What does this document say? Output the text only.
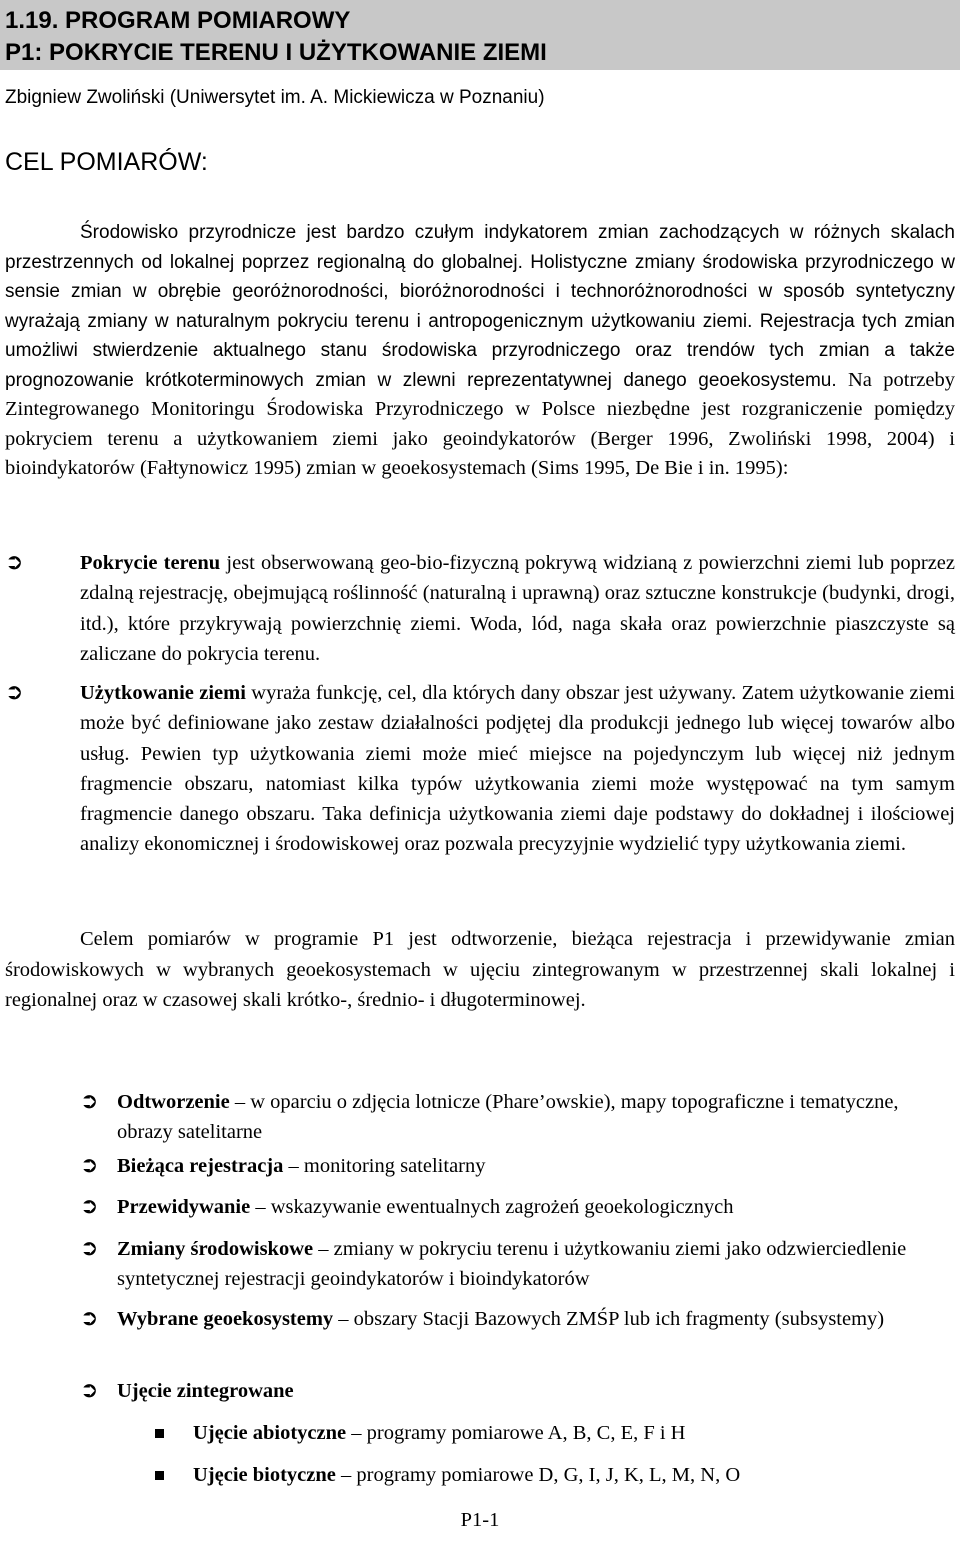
1.19. PROGRAM POMIAROWY
P1: POKRYCIE TERENU I UŻYTKOWANIE ZIEMI
Zbigniew Zwoliński (Uniwersytet im. A. Mickiewicza w Poznaniu)
CEL POMIARÓW:

Środowisko przyrodnicze jest bardzo czułym indykatorem zmian zachodzących w różnych skalach przestrzennych od lokalnej poprzez regionalną do globalnej. Holistyczne zmiany środowiska przyrodniczego w sensie zmian w obrębie georóżnorodności, bioróżnorodności i technoróżnorodności w sposób syntetyczny wyrażają zmiany w naturalnym pokryciu terenu i antropogenicznym użytkowaniu ziemi. Rejestracja tych zmian umożliwi stwierdzenie aktualnego stanu środowiska przyrodniczego oraz trendów tych zmian a także prognozowanie krótkoterminowych zmian w zlewni reprezentatywnej danego geoekosystemu. Na potrzeby Zintegrowanego Monitoringu Środowiska Przyrodniczego w Polsce niezbędne jest rozgraniczenie pomiędzy pokryciem terenu a użytkowaniem ziemi jako geoindykatorów (Berger 1996, Zwoliński 1998, 2004) i bioindykatorów (Fałtynowicz 1995) zmian w geoekosystemach (Sims 1995, De Bie i in. 1995):

➲	Pokrycie terenu jest obserwowaną geo-bio-fizyczną pokrywą widzianą z powierzchni ziemi lub poprzez zdalną rejestrację, obejmującą roślinność (naturalną i uprawną) oraz sztuczne konstrukcje (budynki, drogi, itd.), które przykrywają powierzchnię ziemi. Woda, lód, naga skała oraz powierzchnie piaszczyste są zaliczane do pokrycia terenu.

➲	Użytkowanie ziemi wyraża funkcję, cel, dla których dany obszar jest używany. Zatem użytkowanie ziemi może być definiowane jako zestaw działalności podjętej dla produkcji jednego lub więcej towarów albo usług. Pewien typ użytkowania ziemi może mieć miejsce na pojedynczym lub więcej niż jednym fragmencie obszaru, natomiast kilka typów użytkowania ziemi może występować na tym samym fragmencie danego obszaru. Taka definicja użytkowania ziemi daje podstawy do dokładnej i ilościowej analizy ekonomicznej i środowiskowej oraz pozwala precyzyjnie wydzielić typy użytkowania ziemi.

Celem pomiarów w programie P1 jest odtworzenie, bieżąca rejestracja i przewidywanie zmian środowiskowych w wybranych geoekosystemach w ujęciu zintegrowanym w przestrzennej skali lokalnej i regionalnej oraz w czasowej skali krótko-, średnio- i długoterminowej.

➲ Odtworzenie – w oparciu o zdjęcia lotnicze (Phare’owskie), mapy topograficzne i tematyczne, obrazy satelitarne

➲ Bieżąca rejestracja – monitoring satelitarny

➲ Przewidywanie – wskazywanie ewentualnych zagrożeń geoekologicznych

➲ Zmiany środowiskowe – zmiany w pokryciu terenu i użytkowaniu ziemi jako odzwierciedlenie syntetycznej rejestracji geoindykatorów i bioindykatorów

➲ Wybrane geoekosystemy – obszary Stacji Bazowych ZMŚP lub ich fragmenty (subsystemy)

➲ Ujęcie zintegrowane

Ujęcie abiotyczne – programy pomiarowe A, B, C, E, F i H

Ujęcie biotyczne – programy pomiarowe D, G, I, J, K, L, M, N, O

P1-1
